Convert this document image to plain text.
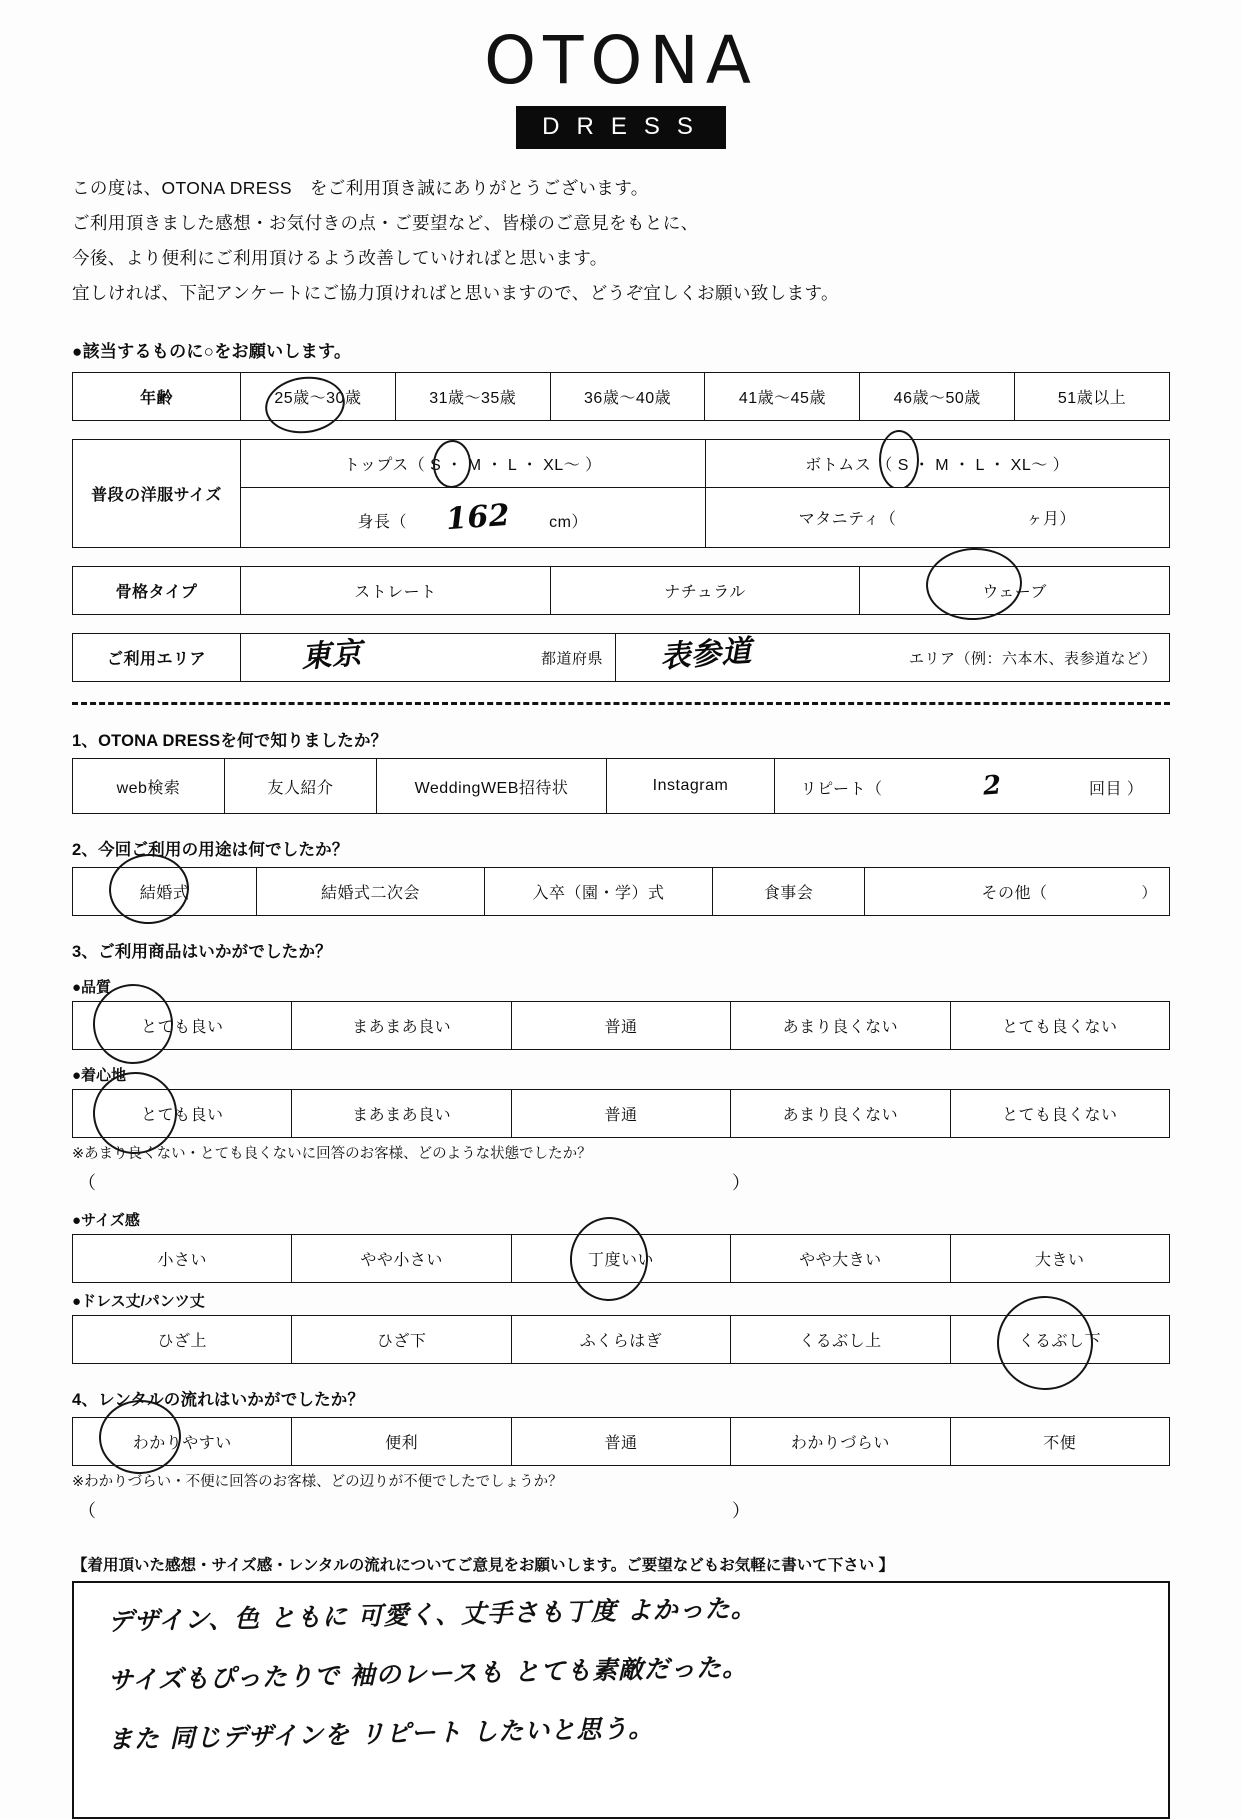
OTONA
DRESS
この度は、OTONA DRESS　をご利用頂き誠にありがとうございます。
ご利用頂きました感想・お気付きの点・ご要望など、皆様のご意見をもとに、
今後、より便利にご利用頂けるよう改善していければと思います。
宜しければ、下記アンケートにご協力頂ければと思いますので、どうぞ宜しくお願い致します。
●該当するものに○をお願いします。
年齢	25歳～30歳	31歳～35歳	36歳～40歳	41歳～45歳	46歳～50歳	51歳以上
普段の洋服サイズ	トップス（ S ・ M ・ L ・ XL～ ）	ボトムス （ S ・ M ・ L ・ XL～ ）

	身長（ 162 cm）	マタニティ（ ヶ月）
骨格タイプ	ストレート	ナチュラル	ウェーブ
ご利用エリア	東京	都道府県	表参道	エリア（例：六本木、表参道など）
1、OTONA DRESSを何で知りましたか？
web検索	友人紹介	WeddingWEB招待状	Instagram	リピート（	2	回目 ）
2、今回ご利用の用途は何でしたか？
結婚式	結婚式二次会	入卒（園・学）式	食事会	その他（	）
3、ご利用商品はいかがでしたか？
●品質
とても良い	まあまあ良い	普通	あまり良くない	とても良くない
●着心地
とても良い	まあまあ良い	普通	あまり良くない	とても良くない
※あまり良くない・とても良くないに回答のお客様、どのような状態でしたか？
（	）
●サイズ感
小さい	やや小さい	丁度いい	やや大きい	大きい
●ドレス丈/パンツ丈
ひざ上	ひざ下	ふくらはぎ	くるぶし上	くるぶし下
4、レンタルの流れはいかがでしたか？
わかりやすい	便利	普通	わかりづらい	不便
※わかりづらい・不便に回答のお客様、どの辺りが不便でしたでしょうか？
（	）
【着用頂いた感想・サイズ感・レンタルの流れについてご意見をお願いします。ご要望などもお気軽に書いて下さい 】
デザイン、色 ともに 可愛く、丈手さも丁度 よかった。
サイズもぴったりで 袖のレースも とても素敵だった。
また 同じデザインを リピート したいと思う。
